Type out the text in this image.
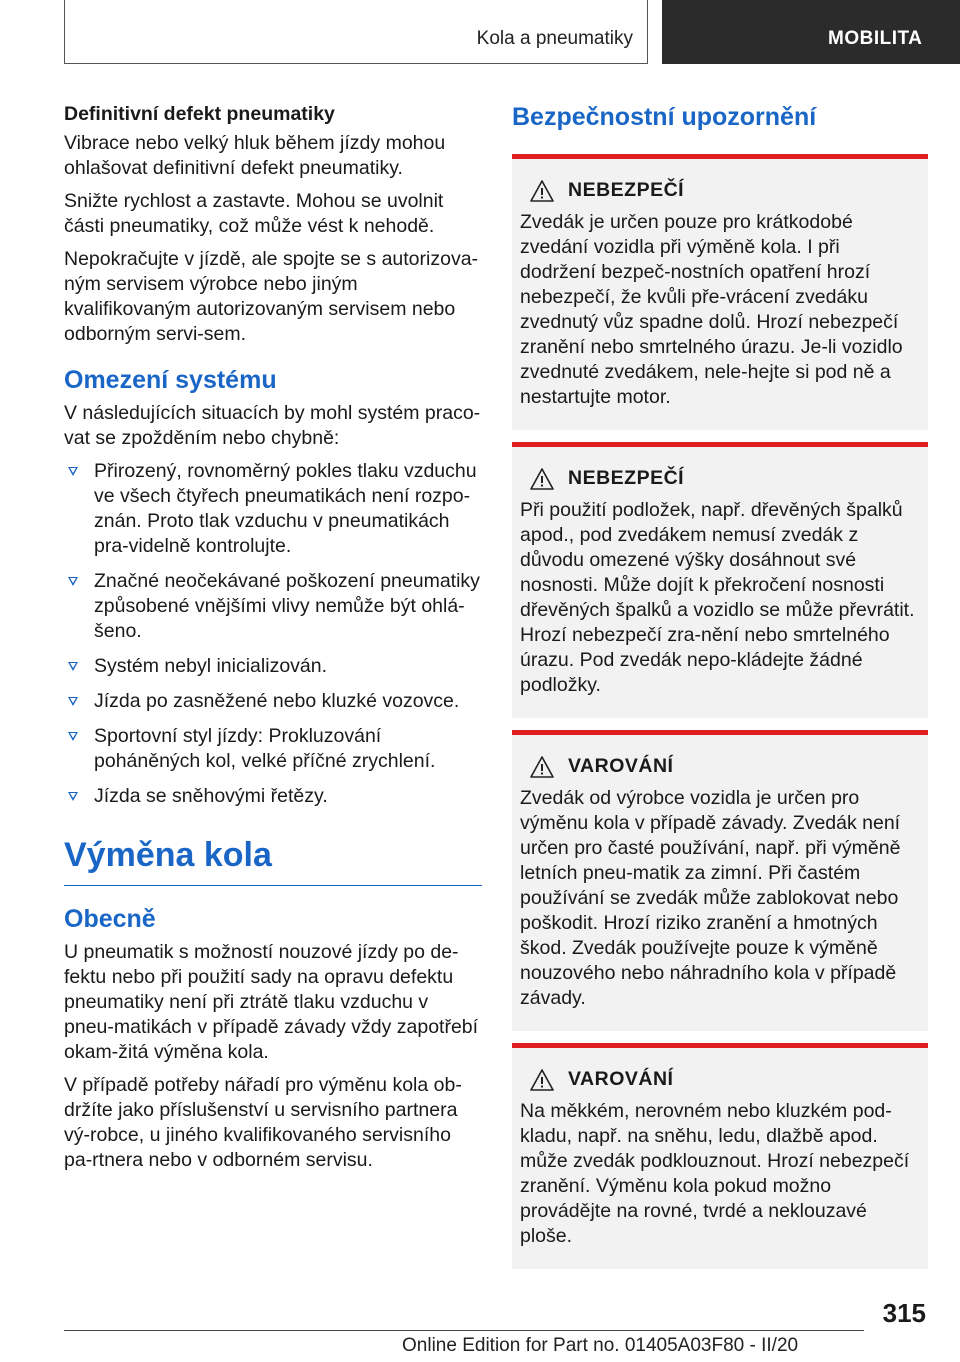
Kola a pneumatiky	MOBILITA

Definitivní defekt pneumatiky

Vibrace nebo velký hluk během jízdy mohou ohlašovat definitivní defekt pneumatiky.

Snižte rychlost a zastavte. Mohou se uvolnit části pneumatiky, což může vést k nehodě.

Nepokračujte v jízdě, ale spojte se s autorizova-ným servisem výrobce nebo jiným kvalifikovaným autorizovaným servisem nebo odborným servi-sem.

Omezení systému

V následujících situacích by mohl systém praco-vat se zpožděním nebo chybně:

Přirozený, rovnoměrný pokles tlaku vzduchu ve všech čtyřech pneumatikách není rozpo-znán. Proto tlak vzduchu v pneumatikách pra-videlně kontrolujte.
Značné neočekávané poškození pneumatiky způsobené vnějšími vlivy nemůže být ohlá-šeno.
Systém nebyl inicializován.
Jízda po zasněžené nebo kluzké vozovce.
Sportovní styl jízdy: Prokluzování poháněných kol, velké příčné zrychlení.
Jízda se sněhovými řetězy.
Výměna kola
Obecně

U pneumatik s možností nouzové jízdy po de-fektu nebo při použití sady na opravu defektu pneumatiky není při ztrátě tlaku vzduchu v pneu-matikách v případě závady vždy zapotřebí okam-žitá výměna kola.

V případě potřeby nářadí pro výměnu kola ob-držíte jako příslušenství u servisního partnera vý-robce, u jiného kvalifikovaného servisního pa-rtnera nebo v odborném servisu.

Bezpečnostní upozornění
NEBEZPEČÍ

Zvedák je určen pouze pro krátkodobé zvedání vozidla při výměně kola. I při dodržení bezpeč-nostních opatření hrozí nebezpečí, že kvůli pře-vrácení zvedáku zvednutý vůz spadne dolů. Hrozí nebezpečí zranění nebo smrtelného úrazu. Je-li vozidlo zvednuté zvedákem, nele-hejte si pod ně a nestartujte motor.

NEBEZPEČÍ

Při použití podložek, např. dřevěných špalků apod., pod zvedákem nemusí zvedák z důvodu omezené výšky dosáhnout své nosnosti. Může dojít k překročení nosnosti dřevěných špalků a vozidlo se může převrátit. Hrozí nebezpečí zra-nění nebo smrtelného úrazu. Pod zvedák nepo-kládejte žádné podložky.

VAROVÁNÍ

Zvedák od výrobce vozidla je určen pro výměnu kola v případě závady. Zvedák není určen pro časté používání, např. při výměně letních pneu-matik za zimní. Při častém používání se zvedák může zablokovat nebo poškodit. Hrozí riziko zranění a hmotných škod. Zvedák používejte pouze k výměně nouzového nebo náhradního kola v případě závady.

VAROVÁNÍ

Na měkkém, nerovném nebo kluzkém pod-kladu, např. na sněhu, ledu, dlažbě apod. může zvedák podklouznout. Hrozí nebezpečí zranění. Výměnu kola pokud možno provádějte na rovné, tvrdé a neklouzavé ploše.

315
Online Edition for Part no. 01405A03F80 - II/20
